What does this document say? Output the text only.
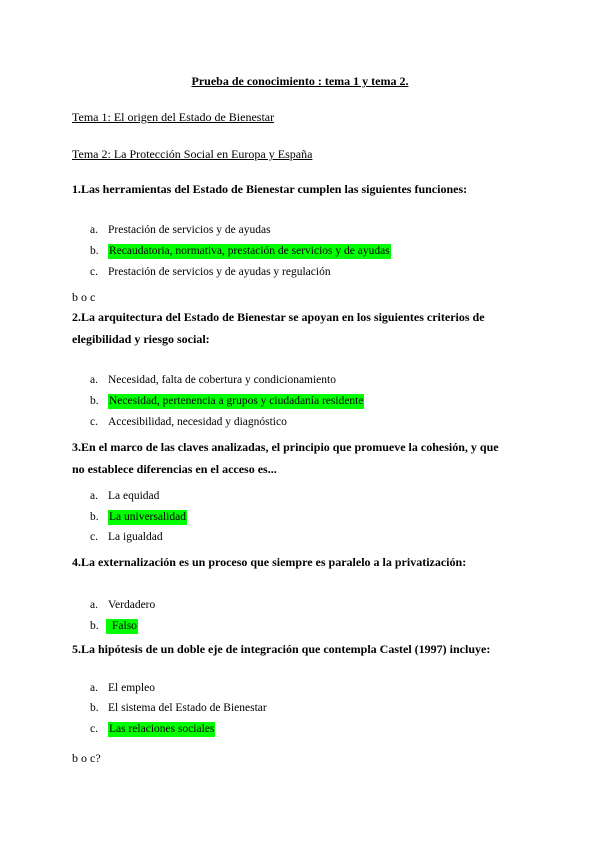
Prueba de conocimiento : tema 1 y tema 2.
Tema 1: El origen del Estado de Bienestar
Tema 2: La Protección Social en Europa y España
1.Las herramientas del Estado de Bienestar cumplen las siguientes funciones:
a. Prestación de servicios y de ayudas
b. Recaudatoria, normativa, prestación de servicios y de ayudas
c. Prestación de servicios y de ayudas y regulación
b o c
2.La arquitectura del Estado de Bienestar se apoyan en los siguientes criterios de elegibilidad y riesgo social:
a. Necesidad, falta de cobertura y condicionamiento
b. Necesidad, pertenencia a grupos y ciudadanía residente
c. Accesibilidad, necesidad y diagnóstico
3.En el marco de las claves analizadas, el principio que promueve la cohesión, y que no establece diferencias en el acceso es...
a. La equidad
b. La universalidad
c. La igualdad
4.La externalización es un proceso que siempre es paralelo a la privatización:
a. Verdadero
b.	Falso
5.La hipótesis de un doble eje de integración que contempla Castel (1997) incluye:
a. El empleo
b. El sistema del Estado de Bienestar
c. Las relaciones sociales
b o c?
